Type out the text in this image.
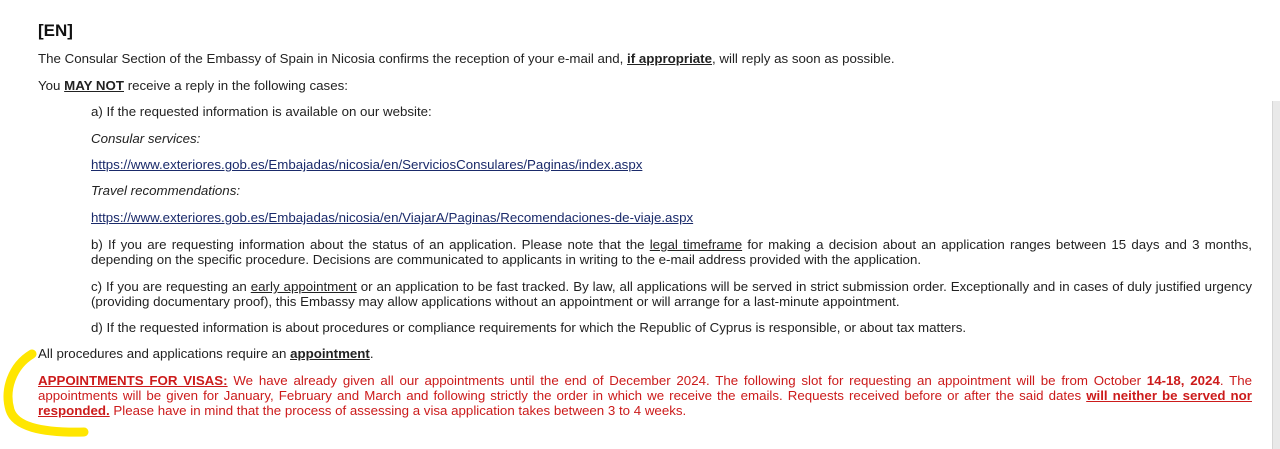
[EN]
The Consular Section of the Embassy of Spain in Nicosia confirms the reception of your e-mail and, if appropriate, will reply as soon as possible.
You MAY NOT receive a reply in the following cases:
a) If the requested information is available on our website:
Consular services:
https://www.exteriores.gob.es/Embajadas/nicosia/en/ServiciosConsulares/Paginas/index.aspx
Travel recommendations:
https://www.exteriores.gob.es/Embajadas/nicosia/en/ViajarA/Paginas/Recomendaciones-de-viaje.aspx
b) If you are requesting information about the status of an application. Please note that the legal timeframe for making a decision about an application ranges between 15 days and 3 months, depending on the specific procedure. Decisions are communicated to applicants in writing to the e-mail address provided with the application.
c) If you are requesting an early appointment or an application to be fast tracked. By law, all applications will be served in strict submission order. Exceptionally and in cases of duly justified urgency (providing documentary proof), this Embassy may allow applications without an appointment or will arrange for a last-minute appointment.
d) If the requested information is about procedures or compliance requirements for which the Republic of Cyprus is responsible, or about tax matters.
All procedures and applications require an appointment.
APPOINTMENTS FOR VISAS: We have already given all our appointments until the end of December 2024. The following slot for requesting an appointment will be from October 14-18, 2024. The appointments will be given for January, February and March and following strictly the order in which we receive the emails. Requests received before or after the said dates will neither be served nor responded. Please have in mind that the process of assessing a visa application takes between 3 to 4 weeks.
